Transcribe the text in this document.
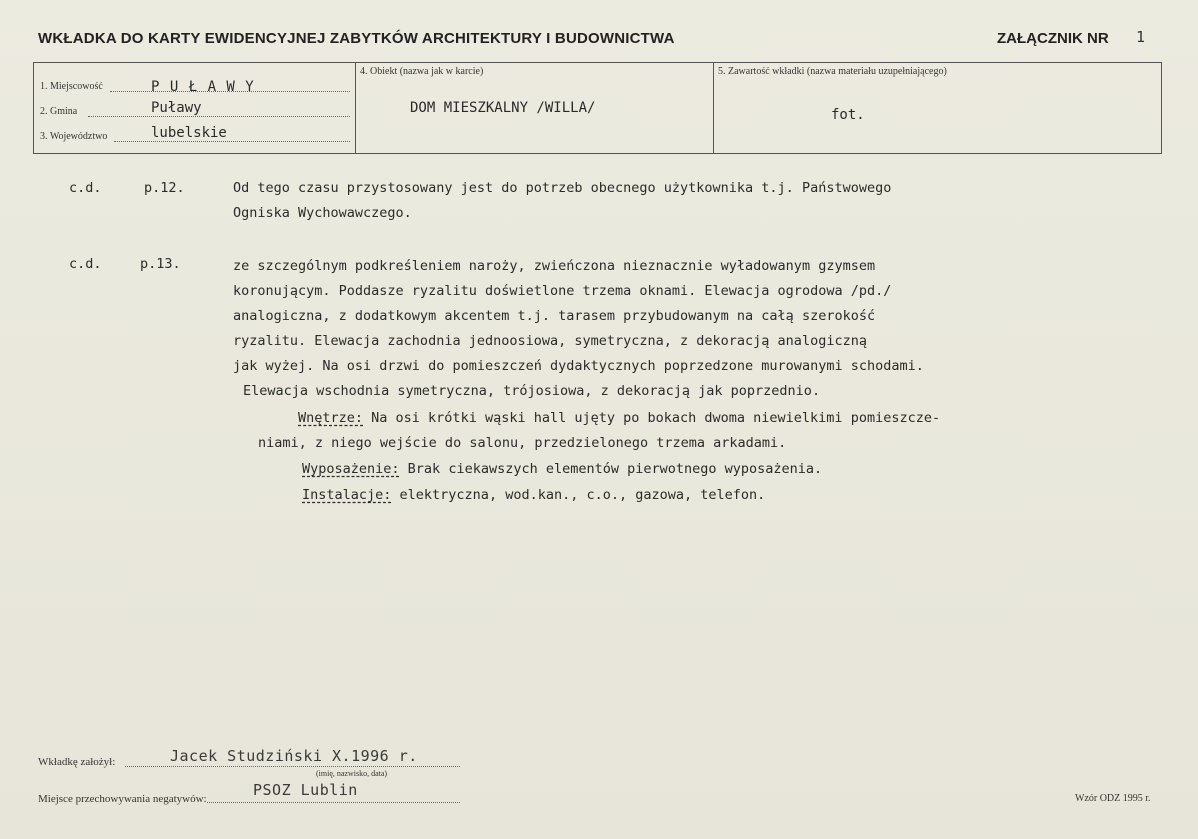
WKŁADKA DO KARTY EWIDENCYJNEJ ZABYTKÓW ARCHITEKTURY I BUDOWNICTWA	ZAŁĄCZNIK NR 1
1. Miejscowość	P U Ł A W Y
2. Gmina	Puławy
3. Województwo	lubelskie
4. Obiekt (nazwa jak w karcie)
DOM MIESZKALNY /WILLA/
5. Zawartość wkładki (nazwa materiału uzupełniającego)
fot.
c.d.	p.12.	Od tego czasu przystosowany jest do potrzeb obecnego użytkownika t.j. Państwowego
Ogniska Wychowawczego.
c.d.	p.13.	ze szczególnym podkreśleniem naroży, zwieńczona nieznacznie wyładowanym gzymsem
koronującym. Poddasze ryzalitu doświetlone trzema oknami. Elewacja ogrodowa /pd./
analogiczna, z dodatkowym akcentem t.j. tarasem przybudowanym na całą szerokość
ryzalitu. Elewacja zachodnia jednoosiowa, symetryczna, z dekoracją analogiczną
jak wyżej. Na osi drzwi do pomieszczeń dydaktycznych poprzedzone murowanymi schodami.
Elewacja wschodnia symetryczna, trójosiowa, z dekoracją jak poprzednio.
Wnętrze: Na osi krótki wąski hall ujęty po bokach dwoma niewielkimi pomieszcze-
niami, z niego wejście do salonu, przedzielonego trzema arkadami.
Wyposażenie: Brak ciekawszych elementów pierwotnego wyposażenia.
Instalacje: elektryczna, wod.kan., c.o., gazowa, telefon.
Wkładkę założył:	Jacek Studziński X.1996 r.
(imię, nazwisko, data)
Miejsce przechowywania negatywów:	PSOZ Lublin	Wzór ODZ 1995 r.
